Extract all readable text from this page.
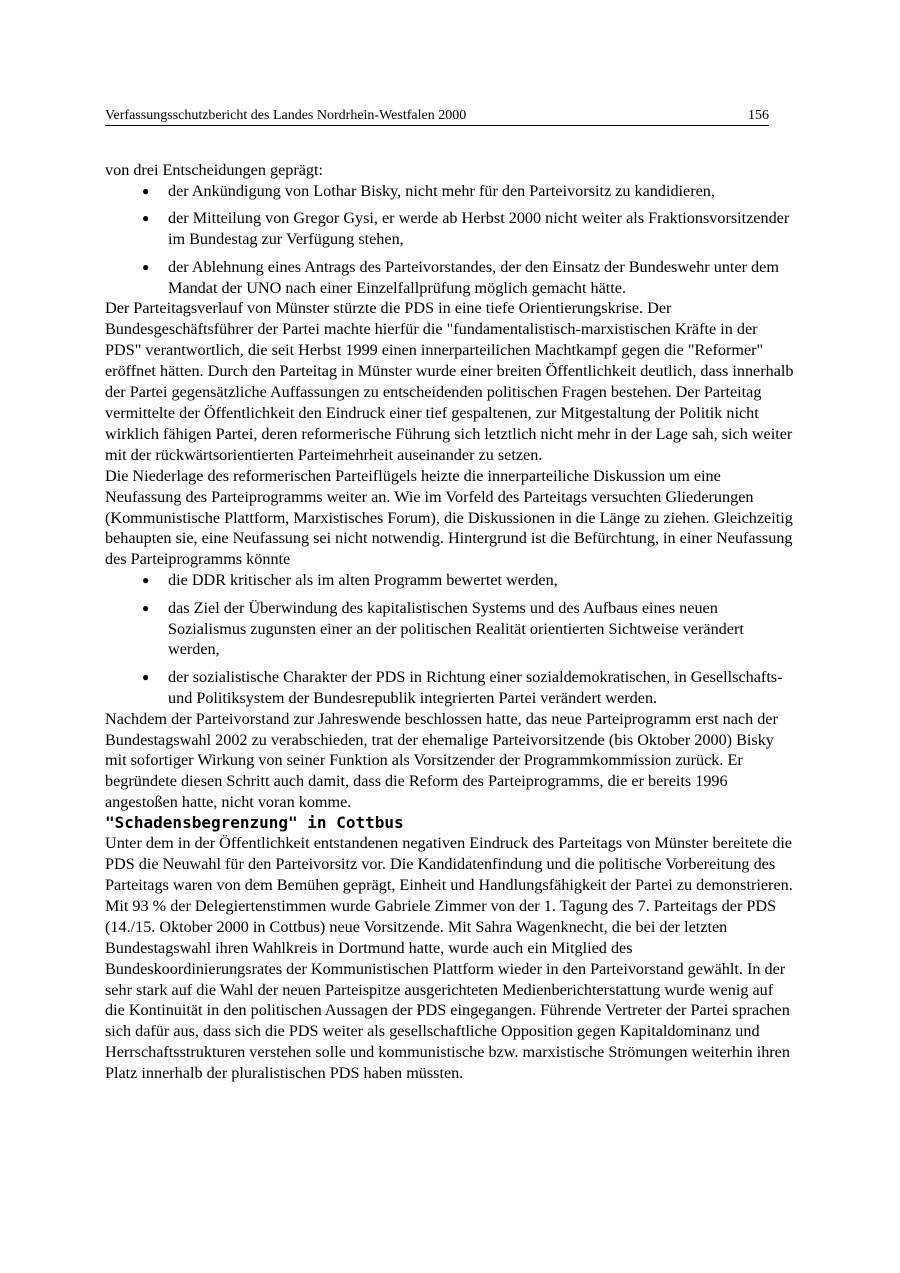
Verfassungsschutzbericht des Landes Nordrhein-Westfalen 2000	156

von drei Entscheidungen geprägt:

● der Ankündigung von Lothar Bisky, nicht mehr für den Parteivorsitz zu kandidieren,
● der Mitteilung von Gregor Gysi, er werde ab Herbst 2000 nicht weiter als Fraktionsvorsitzender im Bundestag zur Verfügung stehen,
● der Ablehnung eines Antrags des Parteivorstandes, der den Einsatz der Bundeswehr unter dem Mandat der UNO nach einer Einzelfallprüfung möglich gemacht hätte.

Der Parteitagsverlauf von Münster stürzte die PDS in eine tiefe Orientierungskrise. Der Bundesgeschäftsführer der Partei machte hierfür die "fundamentalistisch-marxistischen Kräfte in der PDS" verantwortlich, die seit Herbst 1999 einen innerparteilichen Machtkampf gegen die "Reformer" eröffnet hätten. Durch den Parteitag in Münster wurde einer breiten Öffentlichkeit deutlich, dass innerhalb der Partei gegensätzliche Auffassungen zu entscheidenden politischen Fragen bestehen. Der Parteitag vermittelte der Öffentlichkeit den Eindruck einer tief gespaltenen, zur Mitgestaltung der Politik nicht wirklich fähigen Partei, deren reformerische Führung sich letztlich nicht mehr in der Lage sah, sich weiter mit der rückwärtsorientierten Parteimehrheit auseinander zu setzen.

Die Niederlage des reformerischen Parteiflügels heizte die innerparteiliche Diskussion um eine Neufassung des Parteiprogramms weiter an. Wie im Vorfeld des Parteitags versuchten Gliederungen (Kommunistische Plattform, Marxistisches Forum), die Diskussionen in die Länge zu ziehen. Gleichzeitig behaupten sie, eine Neufassung sei nicht notwendig. Hintergrund ist die Befürchtung, in einer Neufassung des Parteiprogramms könnte

● die DDR kritischer als im alten Programm bewertet werden,
● das Ziel der Überwindung des kapitalistischen Systems und des Aufbaus eines neuen Sozialismus zugunsten einer an der politischen Realität orientierten Sichtweise verändert werden,
● der sozialistische Charakter der PDS in Richtung einer sozialdemokratischen, in Gesellschafts- und Politiksystem der Bundesrepublik integrierten Partei verändert werden.

Nachdem der Parteivorstand zur Jahreswende beschlossen hatte, das neue Parteiprogramm erst nach der Bundestagswahl 2002 zu verabschieden, trat der ehemalige Parteivorsitzende (bis Oktober 2000) Bisky mit sofortiger Wirkung von seiner Funktion als Vorsitzender der Programmkommission zurück. Er begründete diesen Schritt auch damit, dass die Reform des Parteiprogramms, die er bereits 1996 angestoßen hatte, nicht voran komme.

"Schadensbegrenzung" in Cottbus

Unter dem in der Öffentlichkeit entstandenen negativen Eindruck des Parteitags von Münster bereitete die PDS die Neuwahl für den Parteivorsitz vor. Die Kandidatenfindung und die politische Vorbereitung des Parteitags waren von dem Bemühen geprägt, Einheit und Handlungsfähigkeit der Partei zu demonstrieren. Mit 93 % der Delegiertenstimmen wurde Gabriele Zimmer von der 1. Tagung des 7. Parteitags der PDS (14./15. Oktober 2000 in Cottbus) neue Vorsitzende. Mit Sahra Wagenknecht, die bei der letzten Bundestagswahl ihren Wahlkreis in Dortmund hatte, wurde auch ein Mitglied des Bundeskoordinierungsrates der Kommunistischen Plattform wieder in den Parteivorstand gewählt. In der sehr stark auf die Wahl der neuen Parteispitze ausgerichteten Medienberichterstattung wurde wenig auf die Kontinuität in den politischen Aussagen der PDS eingegangen. Führende Vertreter der Partei sprachen sich dafür aus, dass sich die PDS weiter als gesellschaftliche Opposition gegen Kapitaldominanz und Herrschaftsstrukturen verstehen solle und kommunistische bzw. marxistische Strömungen weiterhin ihren Platz innerhalb der pluralistischen PDS haben müssten.
